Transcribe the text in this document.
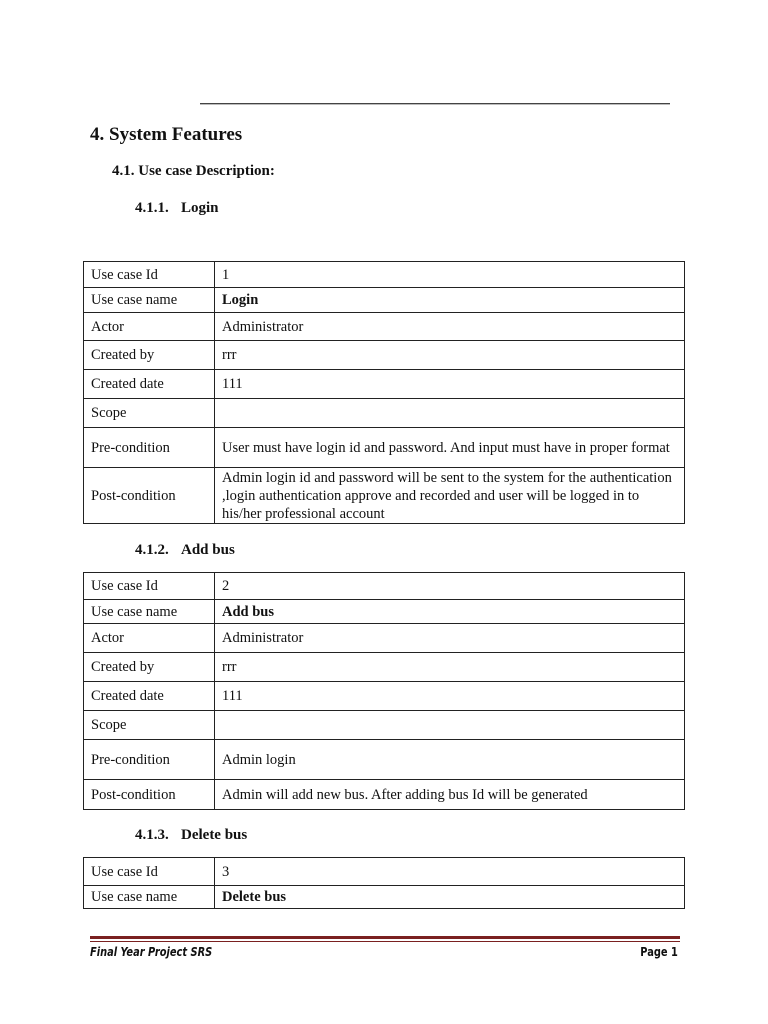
4. System Features
4.1. Use case Description:
4.1.1. Login
Use case Id	1
Use case name	Login
Actor	Administrator
Created by	rrr
Created date	111
Scope	
Pre-condition	User must have login id and password. And input must have in proper format
Post-condition	Admin login id and password will be sent to the system for the authentication ,login authentication approve and recorded and user will be logged in to his/her professional account
4.1.2. Add bus
Use case Id	2
Use case name	Add bus
Actor	Administrator
Created by	rrr
Created date	111
Scope	
Pre-condition	Admin login
Post-condition	Admin will add new bus. After adding bus Id will be generated
4.1.3. Delete bus
Use case Id	3
Use case name	Delete bus
Final Year Project SRS	Page 1
